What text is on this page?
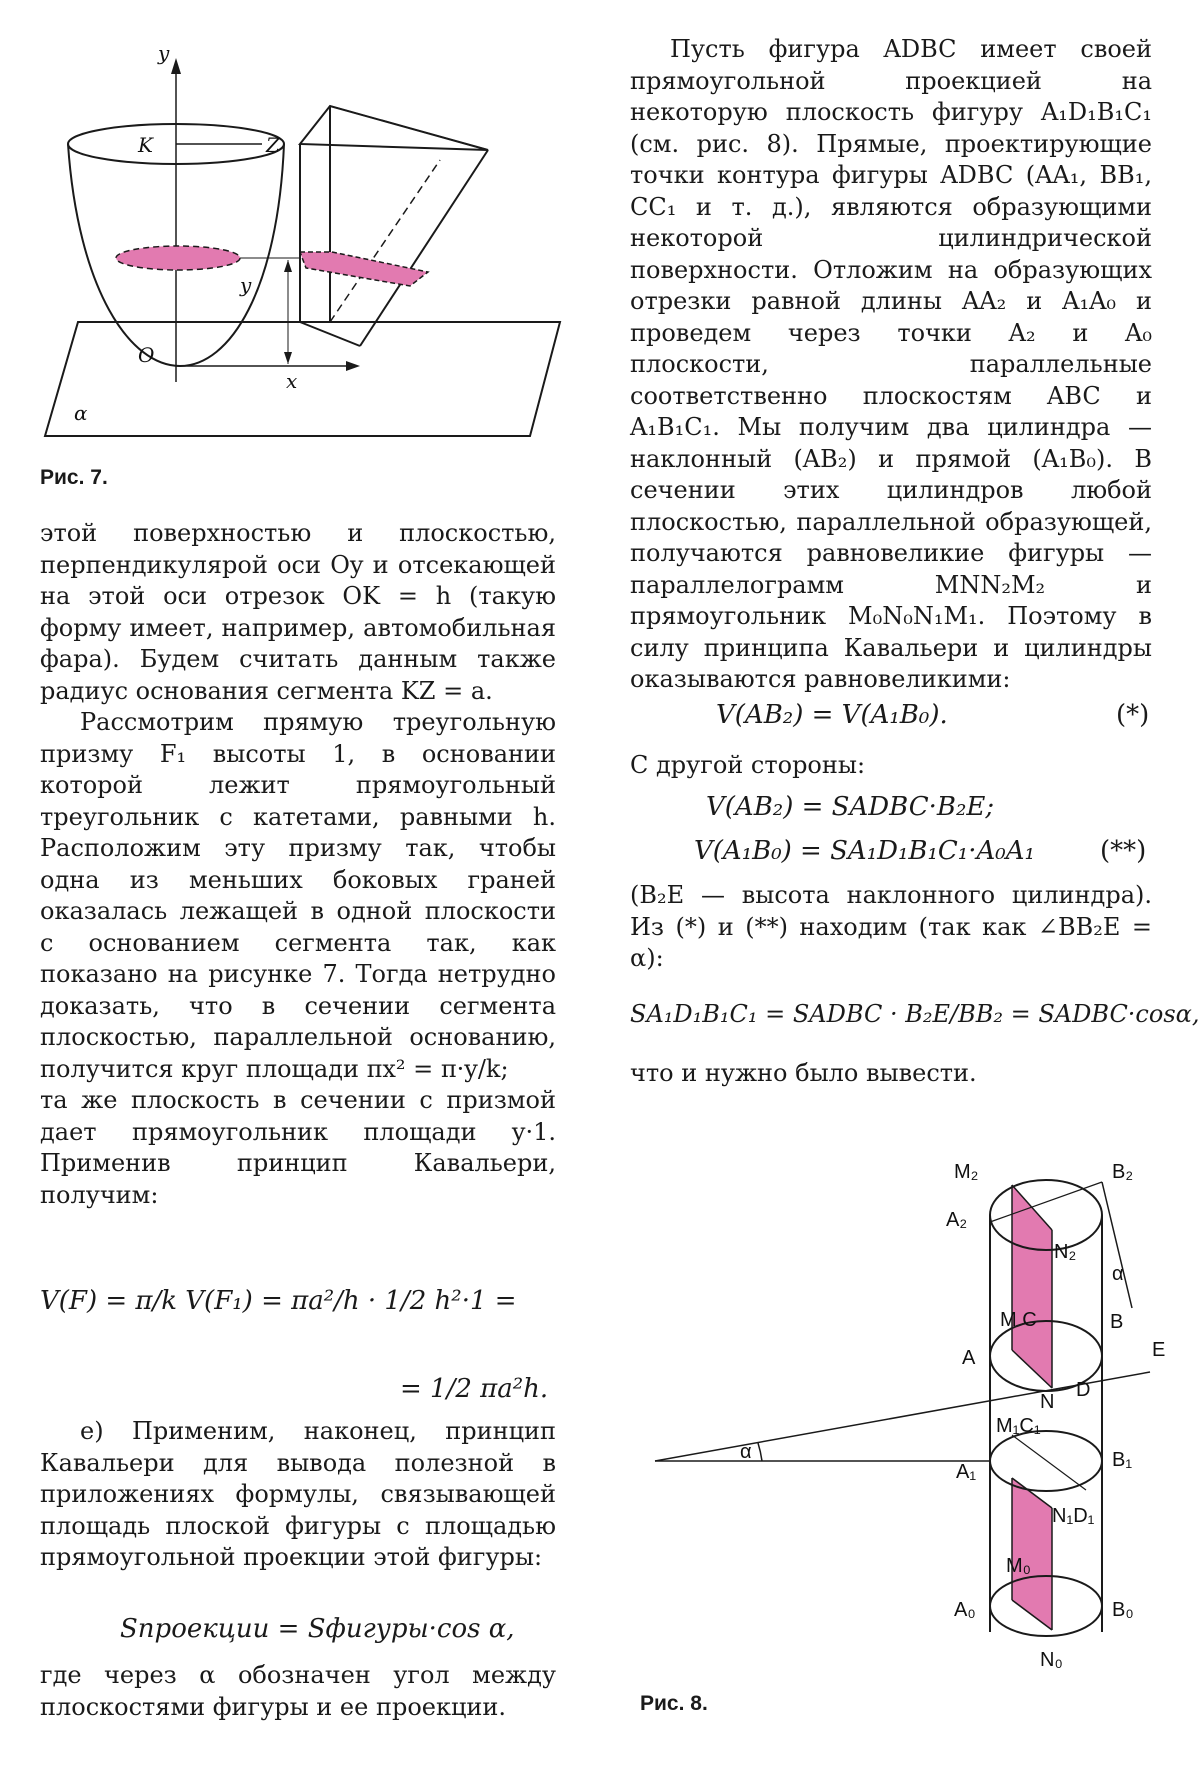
y
K	Z
y
O
x
α
Рис. 7.

этой поверхностью и плоскостью, перпендикулярой оси Oy и отсекающей на этой оси отрезок OK = h (такую форму имеет, например, автомобильная фара). Будем считать данным также радиус основания сегмента KZ = a.

Рассмотрим прямую треугольную призму F₁ высоты 1, в основании которой лежит прямоугольный треугольник с катетами, равными h. Расположим эту призму так, чтобы одна из меньших боковых граней оказалась лежащей в одной плоскости с основанием сегмента так, как показано на рисунке 7. Тогда нетрудно доказать, что в сечении сегмента плоскостью, параллельной основанию, получится круг площади πx² = π·y/k;

та же плоскость в сечении с призмой дает прямоугольник площади y·1. Применив принцип Кавальери, получим:

V(F) = π/k V(F₁) = πa²/h · 1/2 h²·1 =
= 1/2 πa²h.

е) Применим, наконец, принцип Кавальери для вывода полезной в приложениях формулы, связывающей площадь плоской фигуры с площадью прямоугольной проекции этой фигуры:

Sпроекции = Sфигуры·cos α,

где через α обозначен угол между плоскостями фигуры и ее проекции.

Пусть фигура ADBC имеет своей прямоугольной проекцией на некоторую плоскость фигуру A₁D₁B₁C₁ (см. рис. 8). Прямые, проектирующие точки контура фигуры ADBC (AA₁, BB₁, CC₁ и т. д.), являются образующими некоторой цилиндрической поверхности. Отложим на образующих отрезки равной длины AA₂ и A₁A₀ и проведем через точки A₂ и A₀ плоскости, параллельные соответственно плоскостям ABC и A₁B₁C₁. Мы получим два цилиндра — наклонный (AB₂) и прямой (A₁B₀). В сечении этих цилиндров любой плоскостью, параллельной образующей, получаются равновеликие фигуры — параллелограмм MNN₂M₂ и прямоугольник M₀N₀N₁M₁. Поэтому в силу принципа Кавальери и цилиндры оказываются равновеликими:

V(AB₂) = V(A₁B₀).	(*)

С другой стороны:

V(AB₂) = SADBC·B₂E;
V(A₁B₀) = SA₁D₁B₁C₁·A₀A₁	(**)

(B₂E — высота наклонного цилиндра). Из (*) и (**) находим (так как ∠BB₂E = α):

SA₁D₁B₁C₁ = SADBC · B₂E/BB₂ = SADBC·cosα,

что и нужно было вывести.

M₂	B₂
A₂
N₂
α
M C	B
E
A
N
D
M₁C₁
α
A₁
B₁
N₁D₁
M₀
A₀	B₀
N₀
Рис. 8.
